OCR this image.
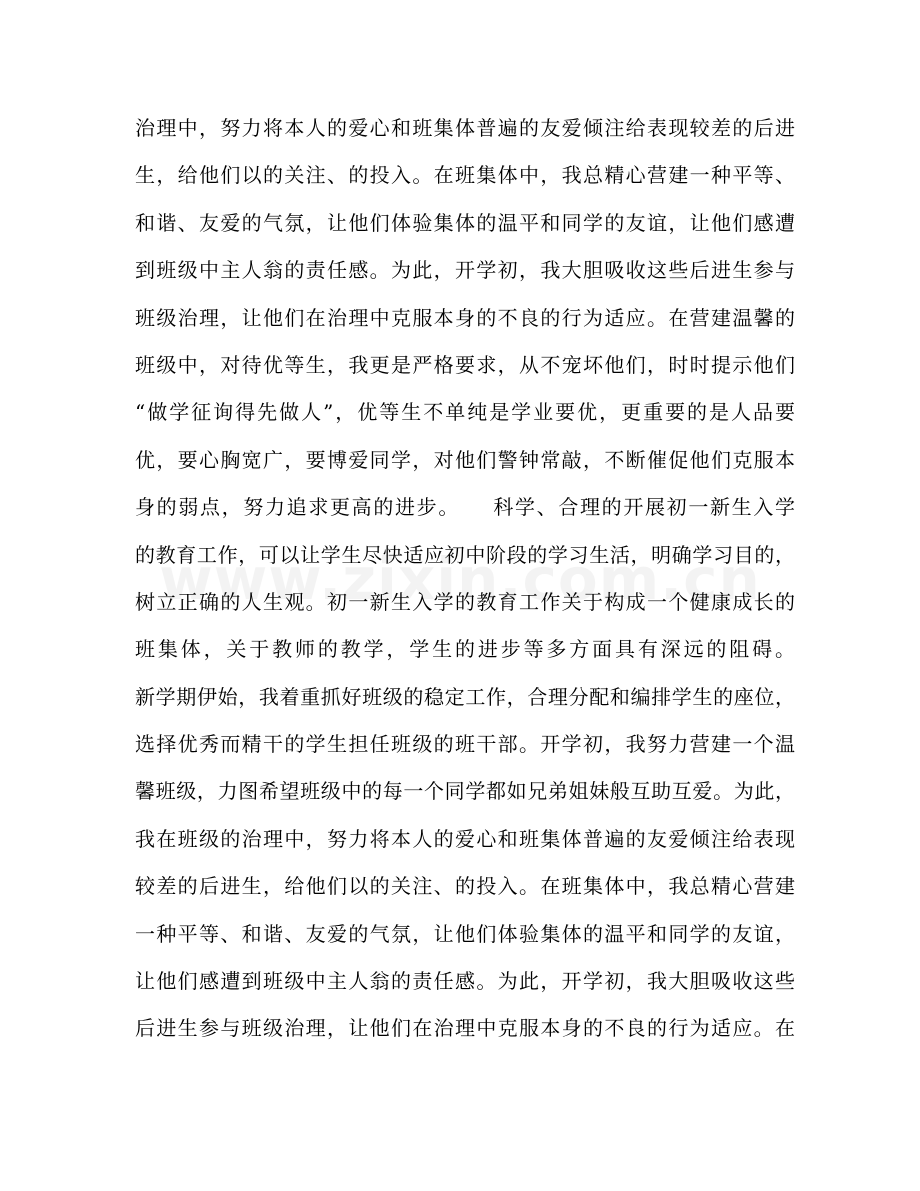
治理中，努力将本人的爱心和班集体普遍的友爱倾注给表现较差的后进
生，给他们以的关注、的投入。在班集体中，我总精心营建一种平等、
和谐、友爱的气氛，让他们体验集体的温平和同学的友谊，让他们感遭
到班级中主人翁的责任感。为此，开学初，我大胆吸收这些后进生参与
班级治理，让他们在治理中克服本身的不良的行为适应。在营建温馨的
班级中，对待优等生，我更是严格要求，从不宠坏他们，时时提示他们
“做学征询得先做人”，优等生不单纯是学业要优，更重要的是人品要
优，要心胸宽广，要博爱同学，对他们警钟常敲，不断催促他们克服本
身的弱点，努力追求更高的进步。　　科学、合理的开展初一新生入学
的教育工作，可以让学生尽快适应初中阶段的学习生活，明确学习目的，
树立正确的人生观。初一新生入学的教育工作关于构成一个健康成长的
班集体，关于教师的教学，学生的进步等多方面具有深远的阻碍。
新学期伊始，我着重抓好班级的稳定工作，合理分配和编排学生的座位，
选择优秀而精干的学生担任班级的班干部。开学初，我努力营建一个温
馨班级，力图希望班级中的每一个同学都如兄弟姐妹般互助互爱。为此，
我在班级的治理中，努力将本人的爱心和班集体普遍的友爱倾注给表现
较差的后进生，给他们以的关注、的投入。在班集体中，我总精心营建
一种平等、和谐、友爱的气氛，让他们体验集体的温平和同学的友谊，
让他们感遭到班级中主人翁的责任感。为此，开学初，我大胆吸收这些
后进生参与班级治理，让他们在治理中克服本身的不良的行为适应。在
